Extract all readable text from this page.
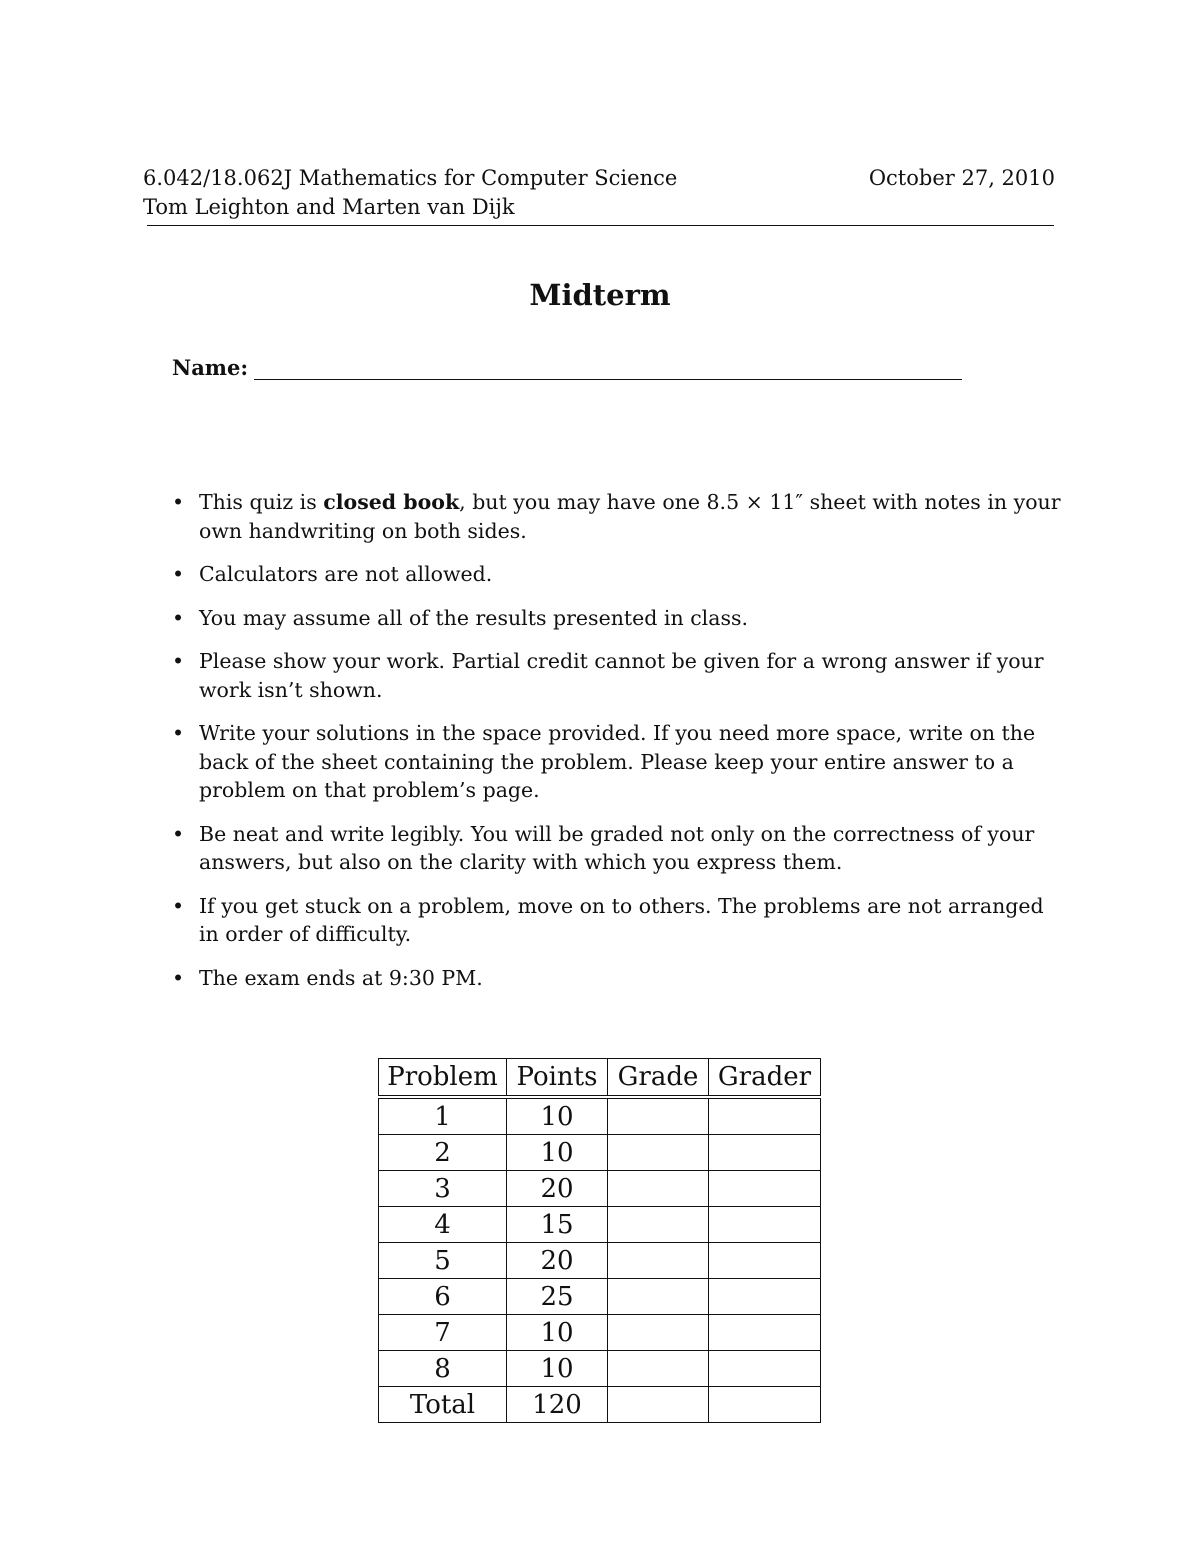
6.042/18.062J Mathematics for Computer Science	October 27, 2010
Tom Leighton and Marten van Dijk
Midterm
Name:
• This quiz is closed book, but you may have one 8.5 × 11″ sheet with notes in your own handwriting on both sides.
• Calculators are not allowed.
• You may assume all of the results presented in class.
• Please show your work. Partial credit cannot be given for a wrong answer if your work isn’t shown.
• Write your solutions in the space provided. If you need more space, write on the back of the sheet containing the problem. Please keep your entire answer to a problem on that problem’s page.
• Be neat and write legibly. You will be graded not only on the correctness of your answers, but also on the clarity with which you express them.
• If you get stuck on a problem, move on to others. The problems are not arranged in order of difficulty.
• The exam ends at 9:30 PM.
Problem	Points	Grade	Grader
1	10		
2	10		
3	20		
4	15		
5	20		
6	25		
7	10		
8	10		
Total	120		
